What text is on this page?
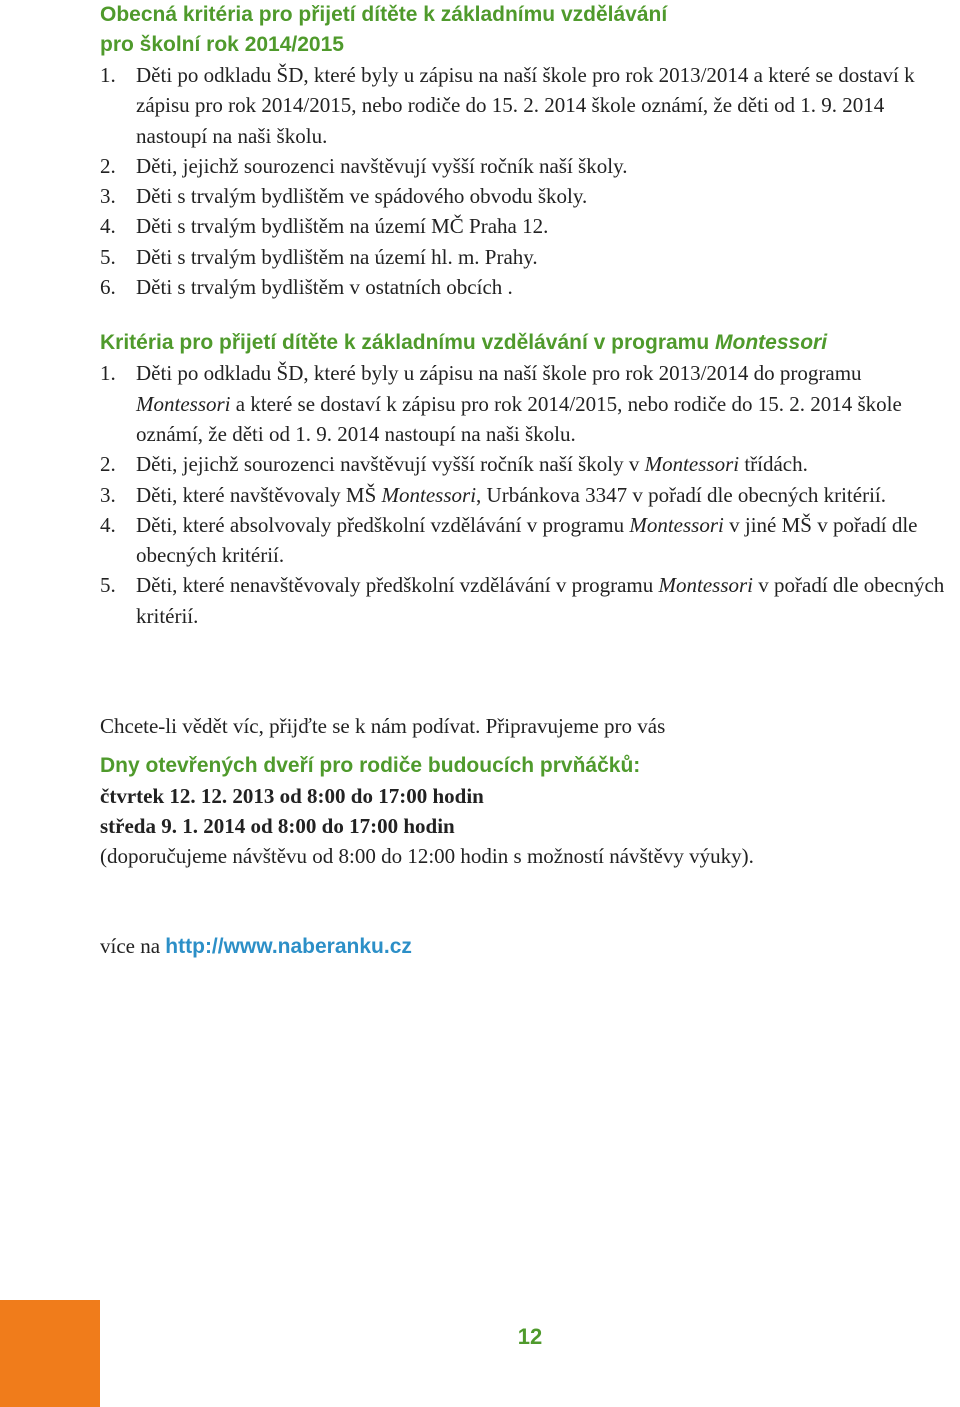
Obecná kritéria pro přijetí dítěte k základnímu vzdělávání
pro školní rok 2014/2015
1. Děti po odkladu ŠD, které byly u zápisu na naší škole pro rok 2013/2014 a které se dostaví k zápisu pro rok 2014/2015, nebo rodiče do 15. 2. 2014 škole oznámí, že děti od 1. 9. 2014 nastoupí na naši školu.
2. Děti, jejichž sourozenci navštěvují vyšší ročník naší školy.
3. Děti s trvalým bydlištěm ve spádového obvodu školy.
4. Děti s trvalým bydlištěm na území MČ Praha 12.
5. Děti s trvalým bydlištěm na území hl. m. Prahy.
6. Děti s trvalým bydlištěm v ostatních obcích .
Kritéria pro přijetí dítěte k základnímu vzdělávání v programu Montessori
1. Děti po odkladu ŠD, které byly u zápisu na naší škole pro rok 2013/2014 do programu Montessori a které se dostaví k zápisu pro rok 2014/2015, nebo rodiče do 15. 2. 2014 škole oznámí, že děti od 1. 9. 2014 nastoupí na naši školu.
2. Děti, jejichž sourozenci navštěvují vyšší ročník naší školy v Montessori třídách.
3. Děti, které navštěvovaly MŠ Montessori, Urbánkova 3347 v pořadí dle obecných kritérií.
4. Děti, které absolvovaly předškolní vzdělávání v programu Montessori v jiné MŠ v pořadí dle obecných kritérií.
5. Děti, které nenavštěvovaly předškolní vzdělávání v programu Montessori v pořadí dle obecných kritérií.

Chcete-li vědět víc, přijďte se k nám podívat. Připravujeme pro vás

Dny otevřených dveří pro rodiče budoucích prvňáčků:

čtvrtek 12. 12. 2013 od 8:00 do 17:00 hodin

středa 9. 1. 2014 od 8:00 do 17:00 hodin

(doporučujeme návštěvu od 8:00 do 12:00 hodin s možností návštěvy výuky).

více na http://www.naberanku.cz

12
